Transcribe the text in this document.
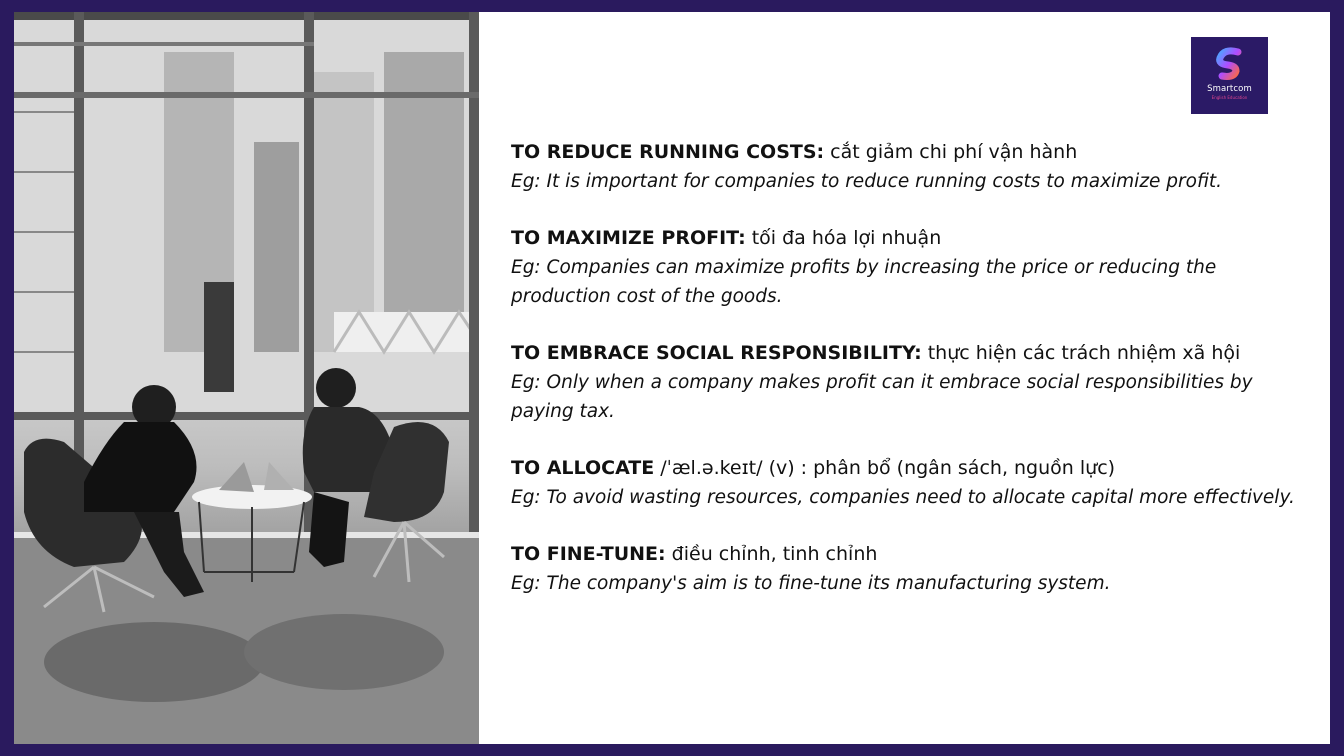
Smartcom
English Education
TO REDUCE RUNNING COSTS: cắt giảm chi phí vận hành
Eg: It is important for companies to reduce running costs to maximize profit.
TO MAXIMIZE PROFIT: tối đa hóa lợi nhuận
Eg: Companies can maximize profits by increasing the price or reducing the production cost of the goods.
TO EMBRACE SOCIAL RESPONSIBILITY: thực hiện các trách nhiệm xã hội
Eg: Only when a company makes profit can it embrace social responsibilities by paying tax.
TO ALLOCATE /ˈæl.ə.keɪt/ (v) : phân bổ (ngân sách, nguồn lực)
Eg: To avoid wasting resources, companies need to allocate capital more effectively.
TO FINE-TUNE: điều chỉnh, tinh chỉnh
Eg: The company's aim is to fine-tune its manufacturing system.
